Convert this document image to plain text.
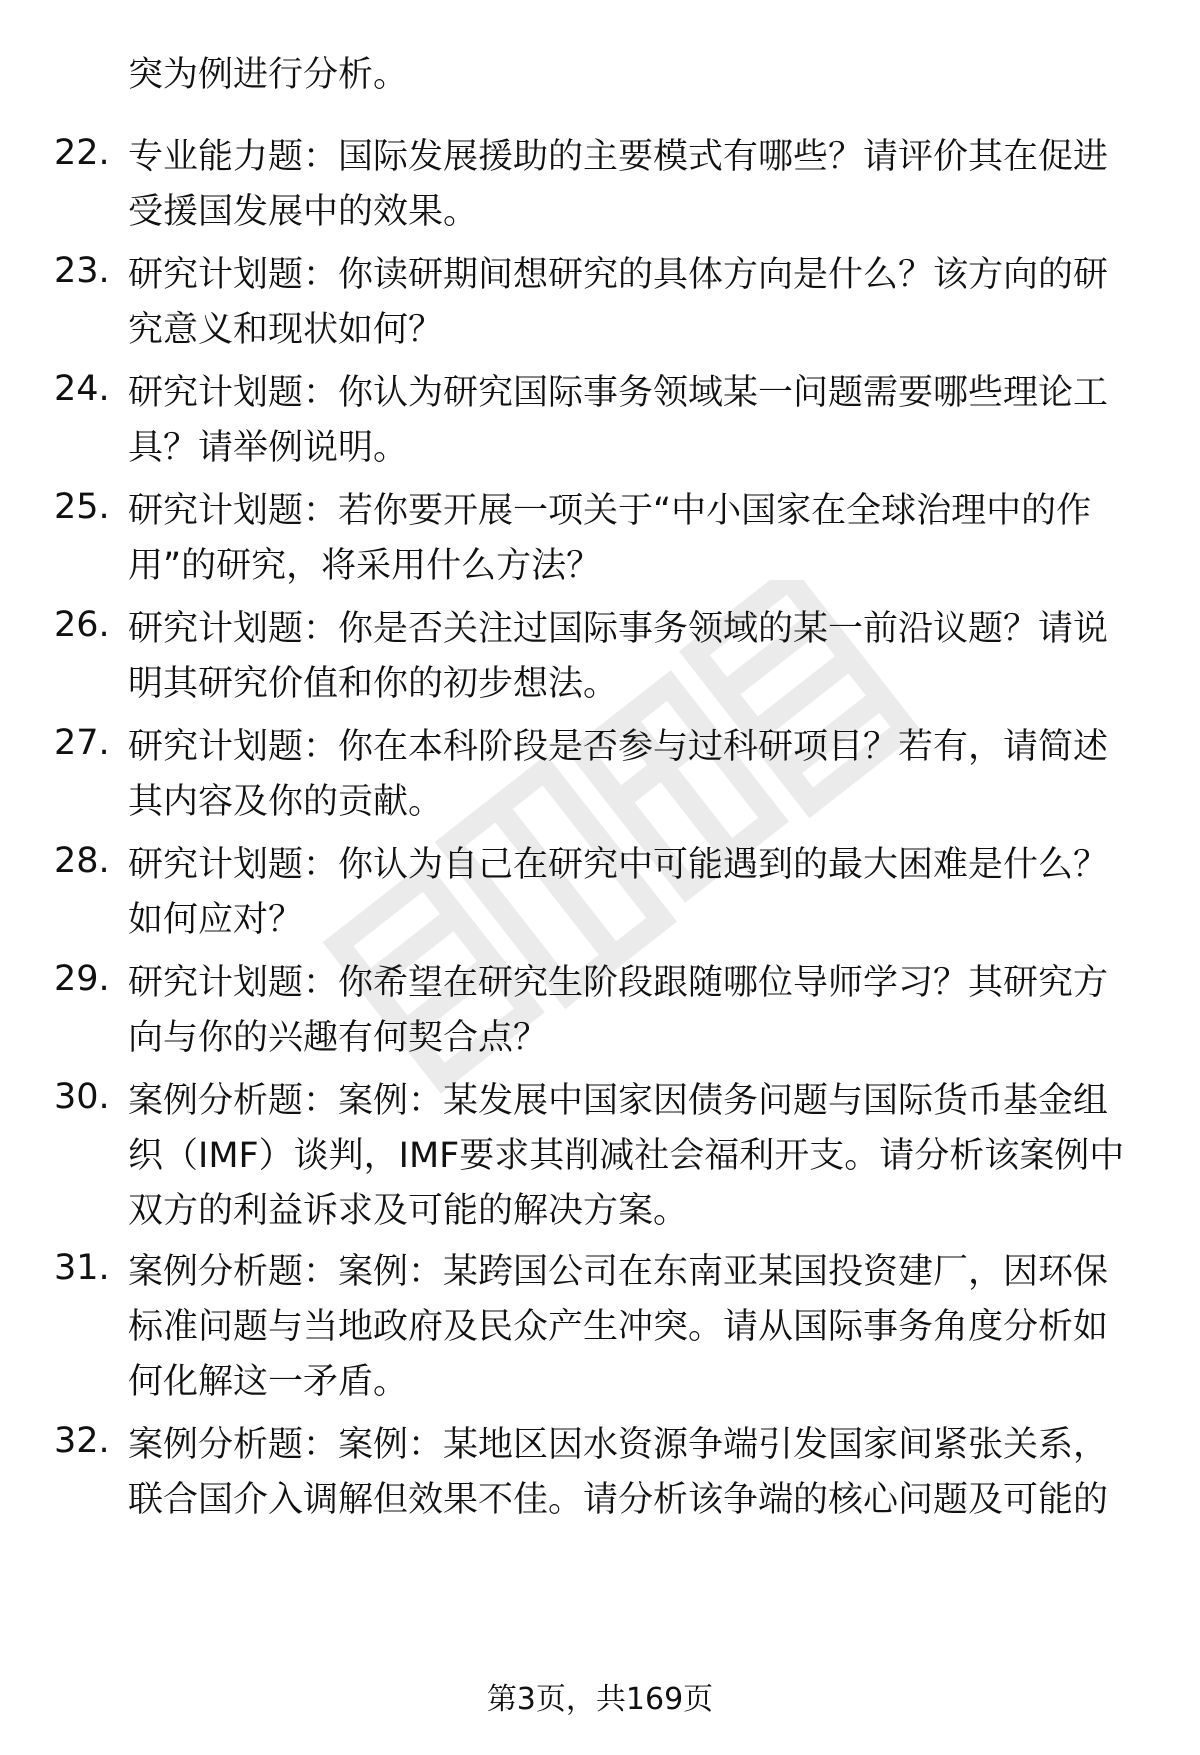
突为例进行分析。
22. 专业能力题：国际发展援助的主要模式有哪些？请评价其在促进
受援国发展中的效果。
23. 研究计划题：你读研期间想研究的具体方向是什么？该方向的研
究意义和现状如何？
24. 研究计划题：你认为研究国际事务领域某一问题需要哪些理论工
具？请举例说明。
25. 研究计划题：若你要开展一项关于“中小国家在全球治理中的作
用”的研究，将采用什么方法？
26. 研究计划题：你是否关注过国际事务领域的某一前沿议题？请说
明其研究价值和你的初步想法。
27. 研究计划题：你在本科阶段是否参与过科研项目？若有，请简述
其内容及你的贡献。
28. 研究计划题：你认为自己在研究中可能遇到的最大困难是什么？
如何应对？
29. 研究计划题：你希望在研究生阶段跟随哪位导师学习？其研究方
向与你的兴趣有何契合点？
30. 案例分析题：案例：某发展中国家因债务问题与国际货币基金组
织（IMF）谈判，IMF要求其削减社会福利开支。请分析该案例中
双方的利益诉求及可能的解决方案。
31. 案例分析题：案例：某跨国公司在东南亚某国投资建厂，因环保
标准问题与当地政府及民众产生冲突。请从国际事务角度分析如
何化解这一矛盾。
32. 案例分析题：案例：某地区因水资源争端引发国家间紧张关系，
联合国介入调解但效果不佳。请分析该争端的核心问题及可能的
第3页，共169页
